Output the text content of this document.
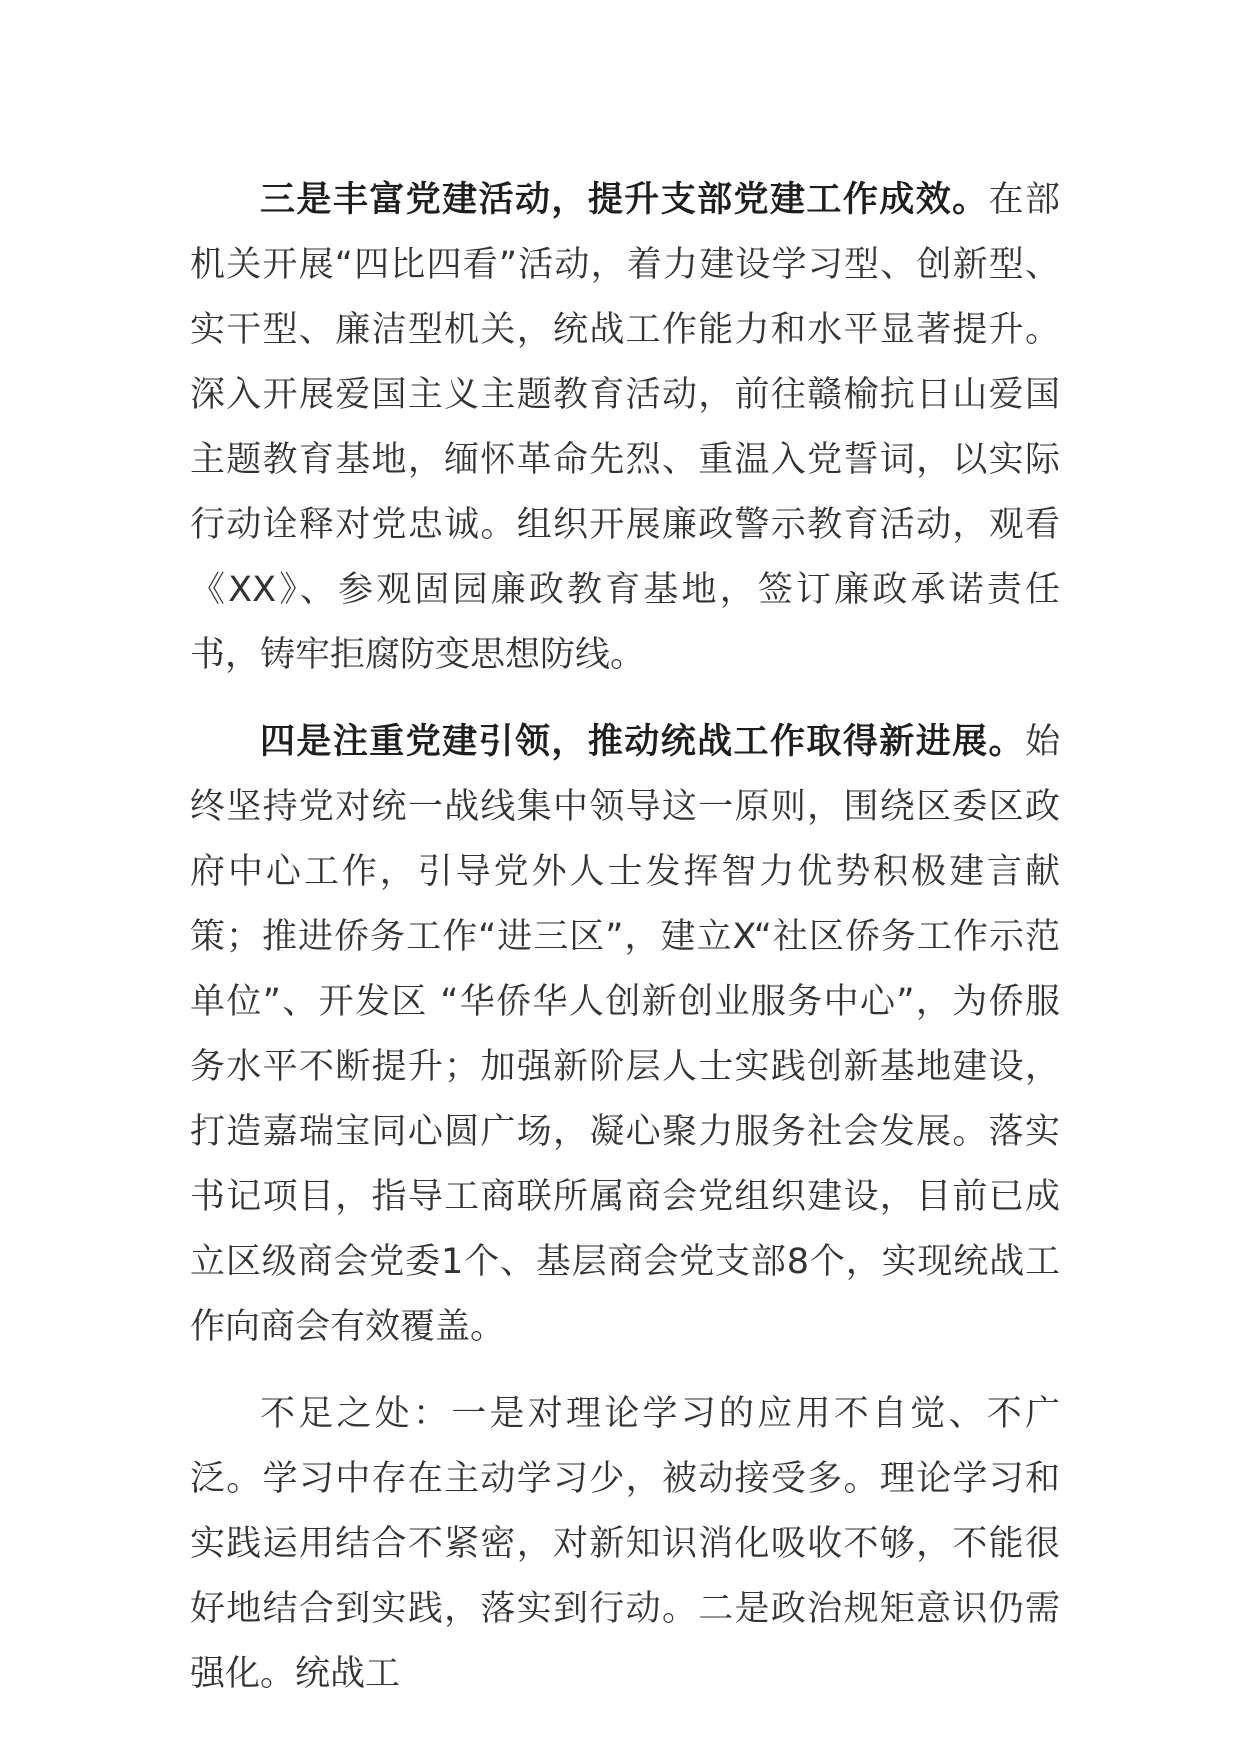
三是丰富党建活动，提升支部党建工作成效。在部机关开展“四比四看”活动，着力建设学习型、创新型、实干型、廉洁型机关，统战工作能力和水平显著提升。深入开展爱国主义主题教育活动，前往赣榆抗日山爱国主题教育基地，缅怀革命先烈、重温入党誓词，以实际行动诠释对党忠诚。组织开展廉政警示教育活动，观看《XX》、参观固园廉政教育基地，签订廉政承诺责任书，铸牢拒腐防变思想防线。

四是注重党建引领，推动统战工作取得新进展。始终坚持党对统一战线集中领导这一原则，围绕区委区政府中心工作，引导党外人士发挥智力优势积极建言献策；推进侨务工作“进三区”，建立X“社区侨务工作示范单位”、开发区 “华侨华人创新创业服务中心”，为侨服务水平不断提升；加强新阶层人士实践创新基地建设，打造嘉瑞宝同心圆广场，凝心聚力服务社会发展。落实书记项目，指导工商联所属商会党组织建设，目前已成立区级商会党委1个、基层商会党支部8个，实现统战工作向商会有效覆盖。

不足之处：一是对理论学习的应用不自觉、不广泛。学习中存在主动学习少，被动接受多。理论学习和实践运用结合不紧密，对新知识消化吸收不够，不能很好地结合到实践，落实到行动。二是政治规矩意识仍需强化。统战工
